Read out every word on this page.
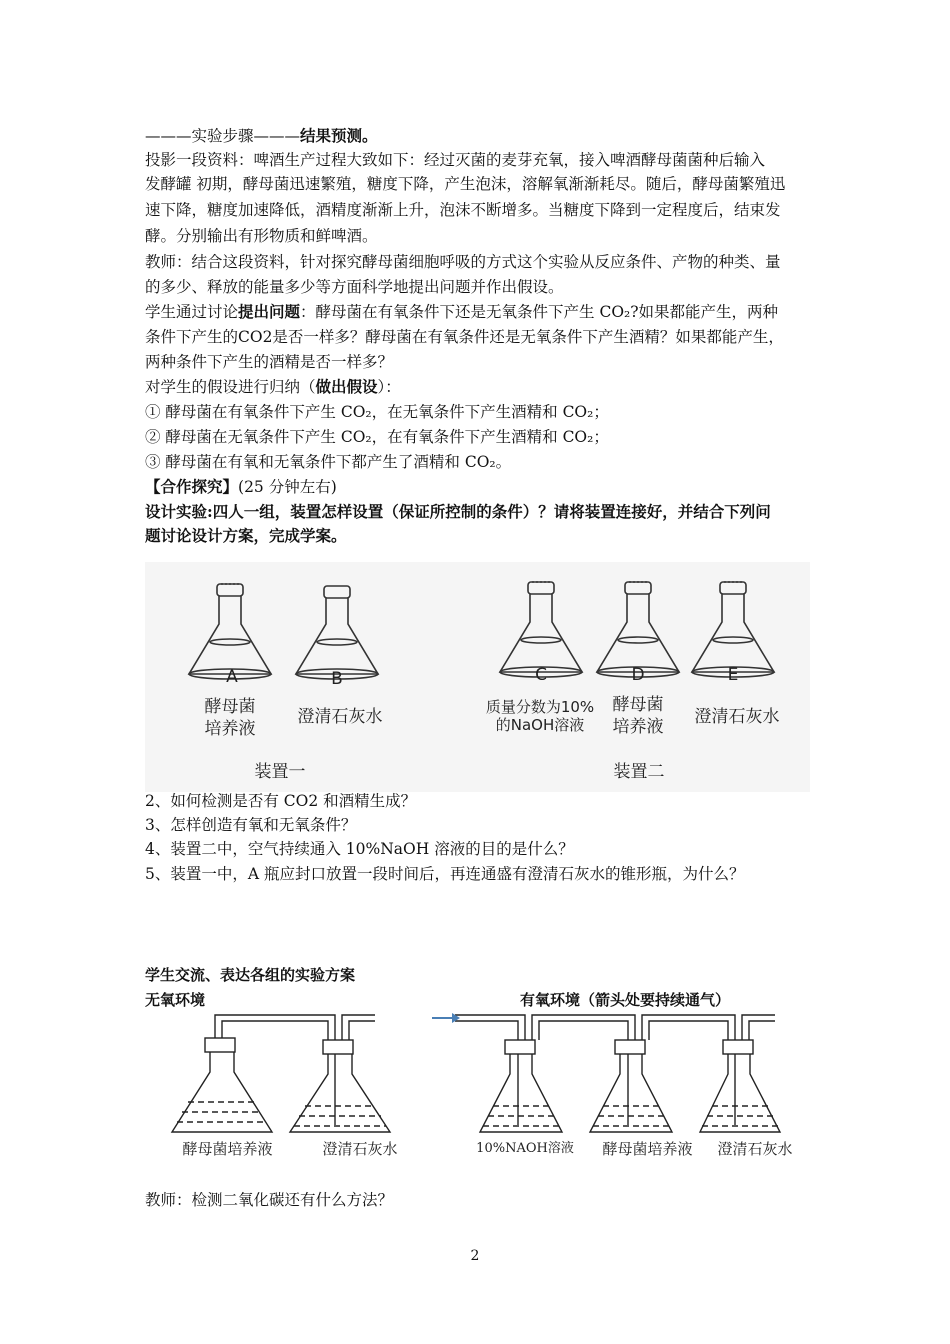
———实验步骤———结果预测。
投影一段资料：啤酒生产过程大致如下：经过灭菌的麦芽充氧，接入啤酒酵母菌菌种后输入
发酵罐 初期，酵母菌迅速繁殖，糖度下降，产生泡沫，溶解氧渐渐耗尽。随后，酵母菌繁殖迅
速下降，糖度加速降低，酒精度渐渐上升，泡沫不断增多。当糖度下降到一定程度后，结束发
酵。分别输出有形物质和鲜啤酒。
教师：结合这段资料，针对探究酵母菌细胞呼吸的方式这个实验从反应条件、产物的种类、量
的多少、释放的能量多少等方面科学地提出问题并作出假设。
学生通过讨论提出问题：酵母菌在有氧条件下还是无氧条件下产生 CO₂?如果都能产生，两种
条件下产生的CO2是否一样多？酵母菌在有氧条件还是无氧条件下产生酒精？如果都能产生，
两种条件下产生的酒精是否一样多？
对学生的假设进行归纳（做出假设）：
① 酵母菌在有氧条件下产生 CO₂，在无氧条件下产生酒精和 CO₂；
② 酵母菌在无氧条件下产生 CO₂，在有氧条件下产生酒精和 CO₂；
③ 酵母菌在有氧和无氧条件下都产生了酒精和 CO₂。
【合作探究】(25 分钟左右)
设计实验:四人一组，装置怎样设置（保证所控制的条件）？请将装置连接好，并结合下列问
题讨论设计方案，完成学案。
A	B	C	D	E
酵母菌
培养液
澄清石灰水	质量分数为10%
的NaOH溶液
酵母菌
培养液	澄清石灰水
装置一	装置二
2、如何检测是否有 CO2 和酒精生成？
3、怎样创造有氧和无氧条件？
4、装置二中，空气持续通入 10%NaOH 溶液的目的是什么？
5、装置一中，A 瓶应封口放置一段时间后，再连通盛有澄清石灰水的锥形瓶，为什么？
学生交流、表达各组的实验方案
无氧环境	有氧环境（箭头处要持续通气）
酵母菌培养液	澄清石灰水	10%NAOH溶液	酵母菌培养液	澄清石灰水
教师：检测二氧化碳还有什么方法？
2
